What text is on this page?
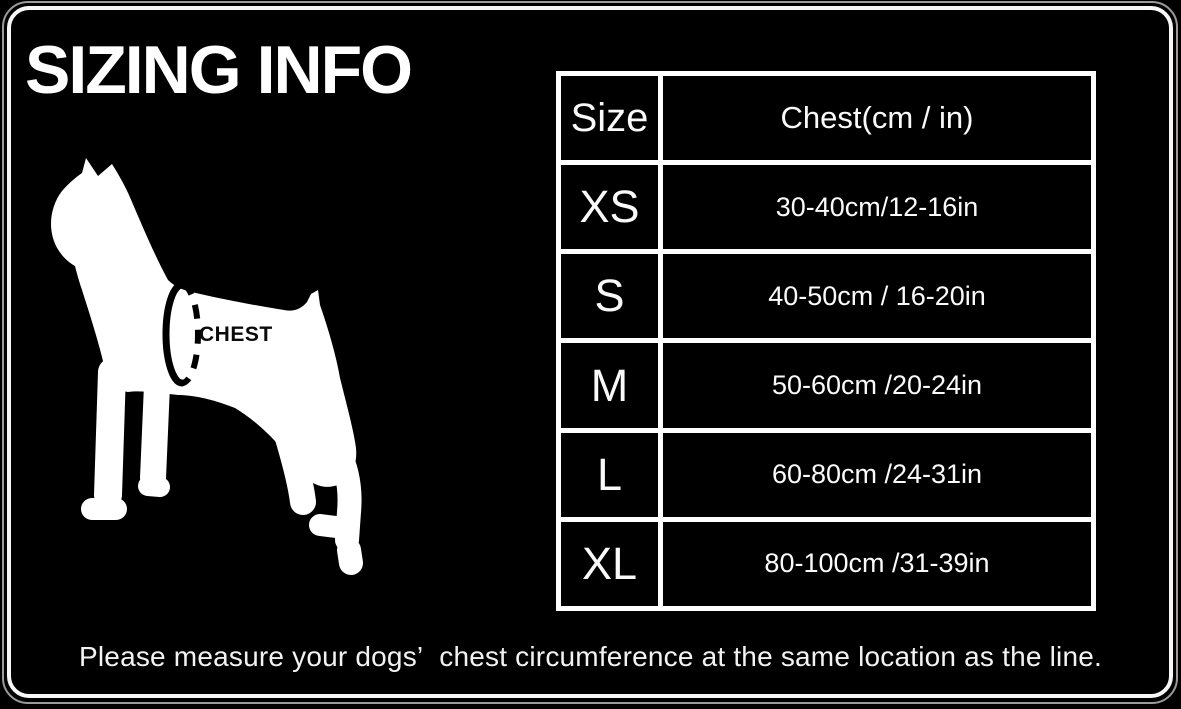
SIZING INFO
CHEST
Size	Chest(cm / in)
XS	30-40cm/12-16in
S	40-50cm / 16-20in
M	50-60cm /20-24in
L	60-80cm /24-31in
XL	80-100cm /31-39in
Please measure your dogs’  chest circumference at the same location as the line.
